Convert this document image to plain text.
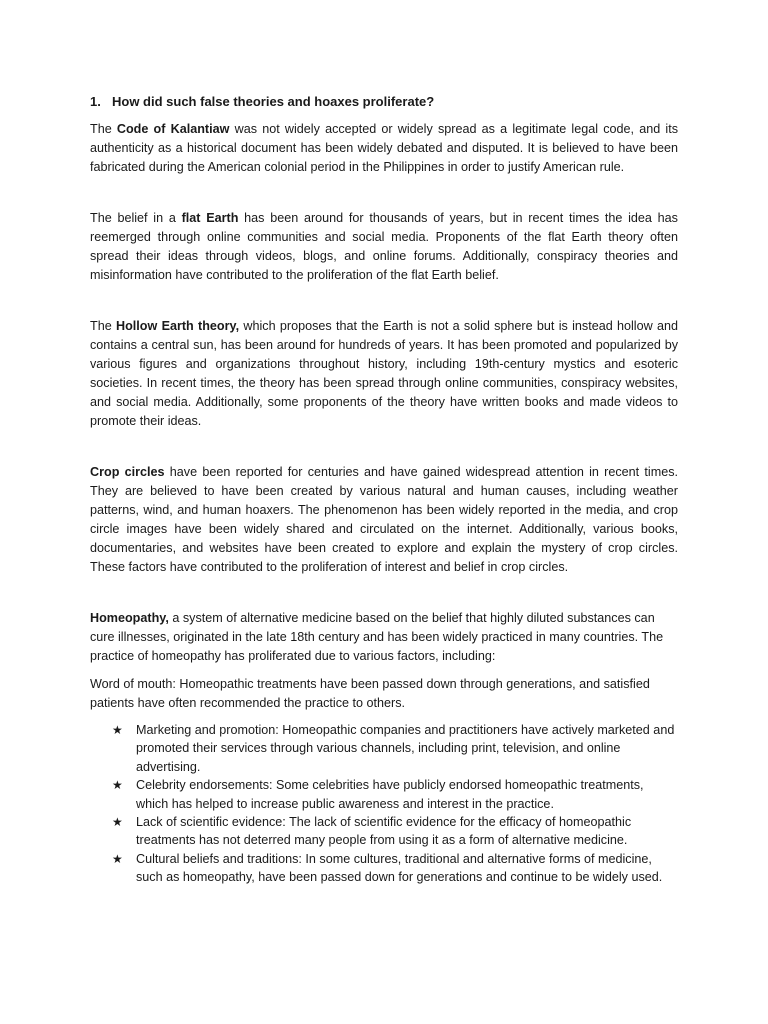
1. How did such false theories and hoaxes proliferate?

The Code of Kalantiaw was not widely accepted or widely spread as a legitimate legal code, and its authenticity as a historical document has been widely debated and disputed. It is believed to have been fabricated during the American colonial period in the Philippines in order to justify American rule.

The belief in a flat Earth has been around for thousands of years, but in recent times the idea has reemerged through online communities and social media. Proponents of the flat Earth theory often spread their ideas through videos, blogs, and online forums. Additionally, conspiracy theories and misinformation have contributed to the proliferation of the flat Earth belief.

The Hollow Earth theory, which proposes that the Earth is not a solid sphere but is instead hollow and contains a central sun, has been around for hundreds of years. It has been promoted and popularized by various figures and organizations throughout history, including 19th-century mystics and esoteric societies. In recent times, the theory has been spread through online communities, conspiracy websites, and social media. Additionally, some proponents of the theory have written books and made videos to promote their ideas.

Crop circles have been reported for centuries and have gained widespread attention in recent times. They are believed to have been created by various natural and human causes, including weather patterns, wind, and human hoaxers. The phenomenon has been widely reported in the media, and crop circle images have been widely shared and circulated on the internet. Additionally, various books, documentaries, and websites have been created to explore and explain the mystery of crop circles. These factors have contributed to the proliferation of interest and belief in crop circles.

Homeopathy, a system of alternative medicine based on the belief that highly diluted substances can cure illnesses, originated in the late 18th century and has been widely practiced in many countries. The practice of homeopathy has proliferated due to various factors, including:

Word of mouth: Homeopathic treatments have been passed down through generations, and satisfied patients have often recommended the practice to others.

★ Marketing and promotion: Homeopathic companies and practitioners have actively marketed and promoted their services through various channels, including print, television, and online advertising.
★ Celebrity endorsements: Some celebrities have publicly endorsed homeopathic treatments, which has helped to increase public awareness and interest in the practice.
★ Lack of scientific evidence: The lack of scientific evidence for the efficacy of homeopathic treatments has not deterred many people from using it as a form of alternative medicine.
★ Cultural beliefs and traditions: In some cultures, traditional and alternative forms of medicine, such as homeopathy, have been passed down for generations and continue to be widely used.
